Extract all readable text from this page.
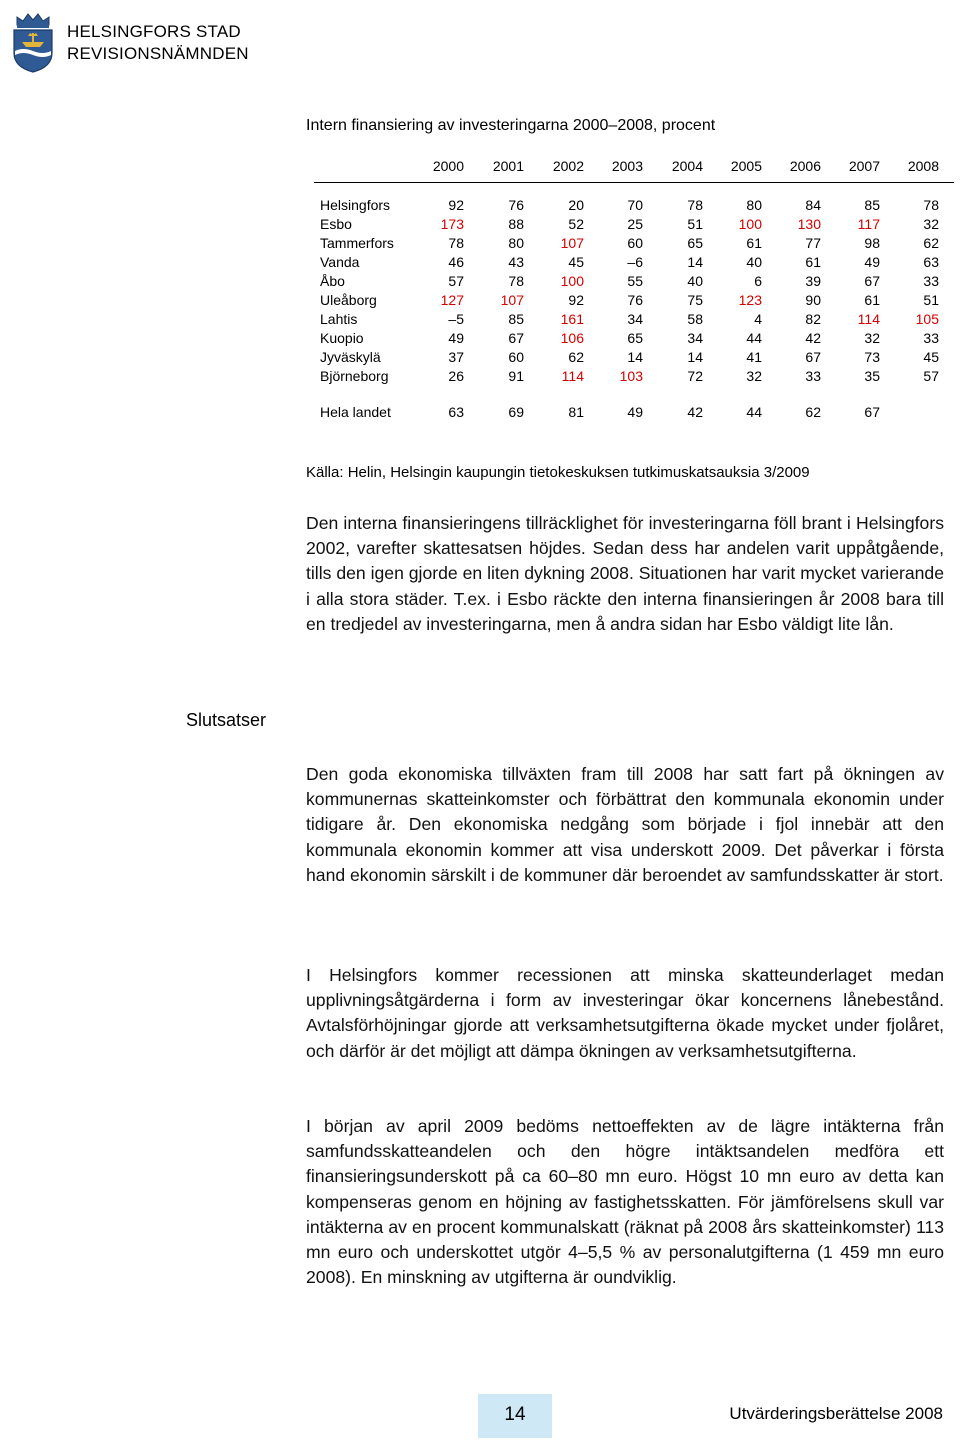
HELSINGFORS STAD
REVISIONSNÄMNDEN
Intern finansiering av investeringarna 2000–2008, procent
2000	2001	2002	2003	2004	2005	2006	2007	2008
Helsingfors	92	76	20	70	78	80	84	85	78
Esbo	173	88	52	25	51	100	130	117	32
Tammerfors	78	80	107	60	65	61	77	98	62
Vanda	46	43	45	–6	14	40	61	49	63
Åbo	57	78	100	55	40	6	39	67	33
Uleåborg	127	107	92	76	75	123	90	61	51
Lahtis	–5	85	161	34	58	4	82	114	105
Kuopio	49	67	106	65	34	44	42	32	33
Jyväskylä	37	60	62	14	14	41	67	73	45
Björneborg	26	91	114	103	72	32	33	35	57
Hela landet	63	69	81	49	42	44	62	67
Källa: Helin, Helsingin kaupungin tietokeskuksen tutkimuskatsauksia 3/2009
Den interna finansieringens tillräcklighet för investeringarna föll brant i Helsingfors 2002, varefter skattesatsen höjdes. Sedan dess har andelen varit uppåtgående, tills den igen gjorde en liten dykning 2008. Situationen har varit mycket varierande i alla stora städer. T.ex. i Esbo räckte den interna finansieringen år 2008 bara till en tredjedel av investeringarna, men å andra sidan har Esbo väldigt lite lån.
Slutsatser
Den goda ekonomiska tillväxten fram till 2008 har satt fart på ökningen av kommunernas skatteinkomster och förbättrat den kommunala ekonomin under tidigare år. Den ekonomiska nedgång som började i fjol innebär att den kommunala ekonomin kommer att visa underskott 2009. Det påverkar i första hand ekonomin särskilt i de kommuner där beroendet av samfundsskatter är stort.
I Helsingfors kommer recessionen att minska skatteunderlaget medan upplivningsåtgärderna i form av investeringar ökar koncernens lånebestånd. Avtalsförhöjningar gjorde att verksamhetsutgifterna ökade mycket under fjolåret, och därför är det möjligt att dämpa ökningen av verksamhetsutgifterna.
I början av april 2009 bedöms nettoeffekten av de lägre intäkterna från samfundsskatteandelen och den högre intäktsandelen medföra ett finansieringsunderskott på ca 60–80 mn euro. Högst 10 mn euro av detta kan kompenseras genom en höjning av fastighetsskatten. För jämförelsens skull var intäkterna av en procent kommunalskatt (räknat på 2008 års skatteinkomster) 113 mn euro och underskottet utgör 4–5,5 % av personalutgifterna (1 459 mn euro 2008). En minskning av utgifterna är oundviklig.
14	Utvärderingsberättelse 2008
